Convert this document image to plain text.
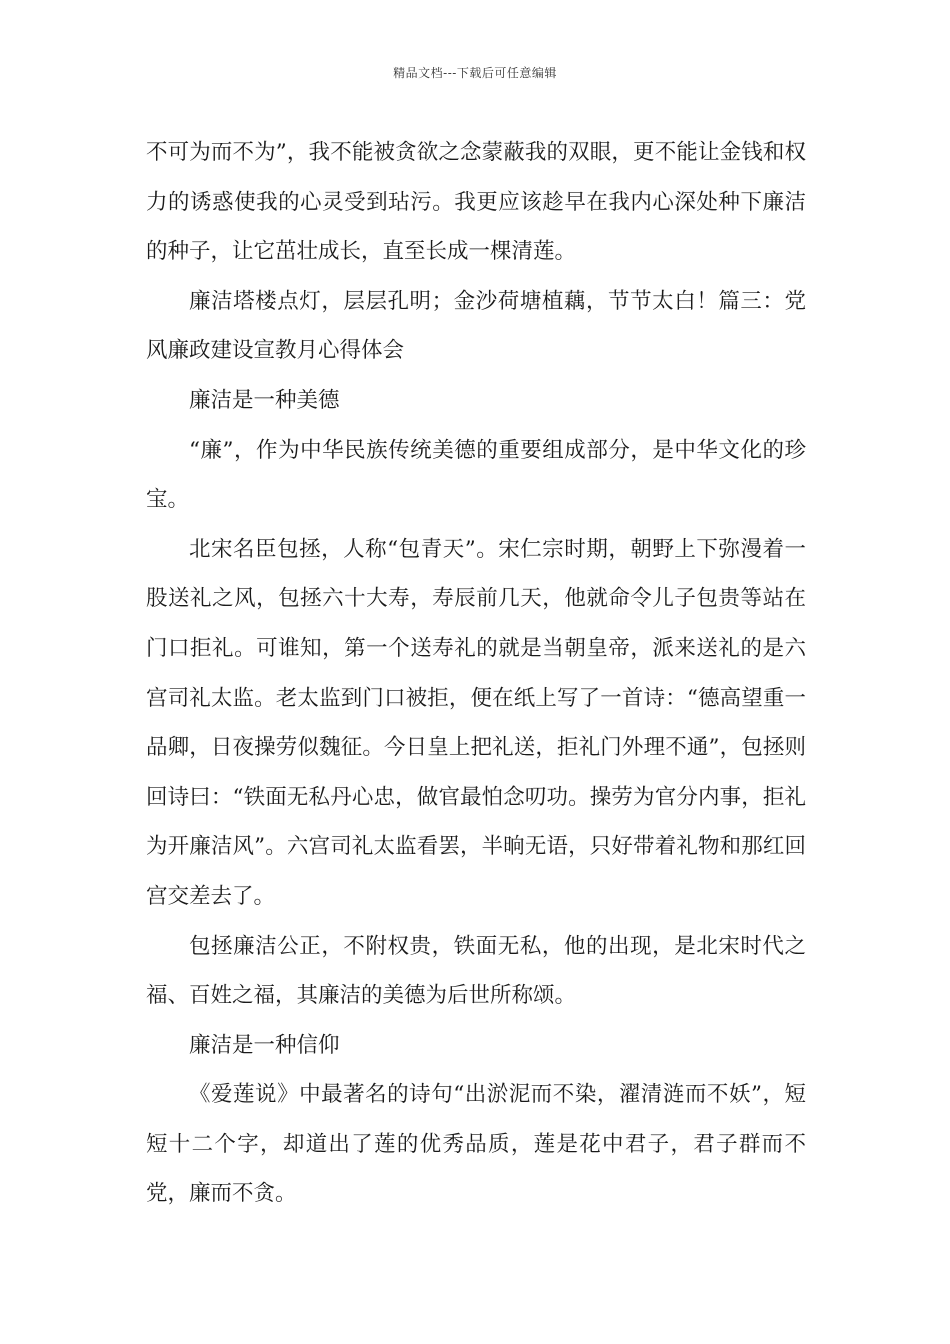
精品文档---下载后可任意编辑

不可为而不为”，我不能被贪欲之念蒙蔽我的双眼，更不能让金钱和权力的诱惑使我的心灵受到玷污。我更应该趁早在我内心深处种下廉洁的种子，让它茁壮成长，直至长成一棵清莲。

廉洁塔楼点灯，层层孔明；金沙荷塘植藕，节节太白！篇三：党风廉政建设宣教月心得体会

廉洁是一种美德

“廉”，作为中华民族传统美德的重要组成部分，是中华文化的珍宝。

北宋名臣包拯，人称“包青天”。宋仁宗时期，朝野上下弥漫着一股送礼之风，包拯六十大寿，寿辰前几天，他就命令儿子包贵等站在门口拒礼。可谁知，第一个送寿礼的就是当朝皇帝，派来送礼的是六宫司礼太监。老太监到门口被拒，便在纸上写了一首诗：“德高望重一品卿，日夜操劳似魏征。今日皇上把礼送，拒礼门外理不通”，包拯则回诗曰：“铁面无私丹心忠，做官最怕念叨功。操劳为官分内事，拒礼为开廉洁风”。六宫司礼太监看罢，半晌无语，只好带着礼物和那红回宫交差去了。

包拯廉洁公正，不附权贵，铁面无私，他的出现，是北宋时代之福、百姓之福，其廉洁的美德为后世所称颂。

廉洁是一种信仰

《爱莲说》中最著名的诗句“出淤泥而不染，濯清涟而不妖”，短短十二个字，却道出了莲的优秀品质，莲是花中君子，君子群而不党，廉而不贪。
